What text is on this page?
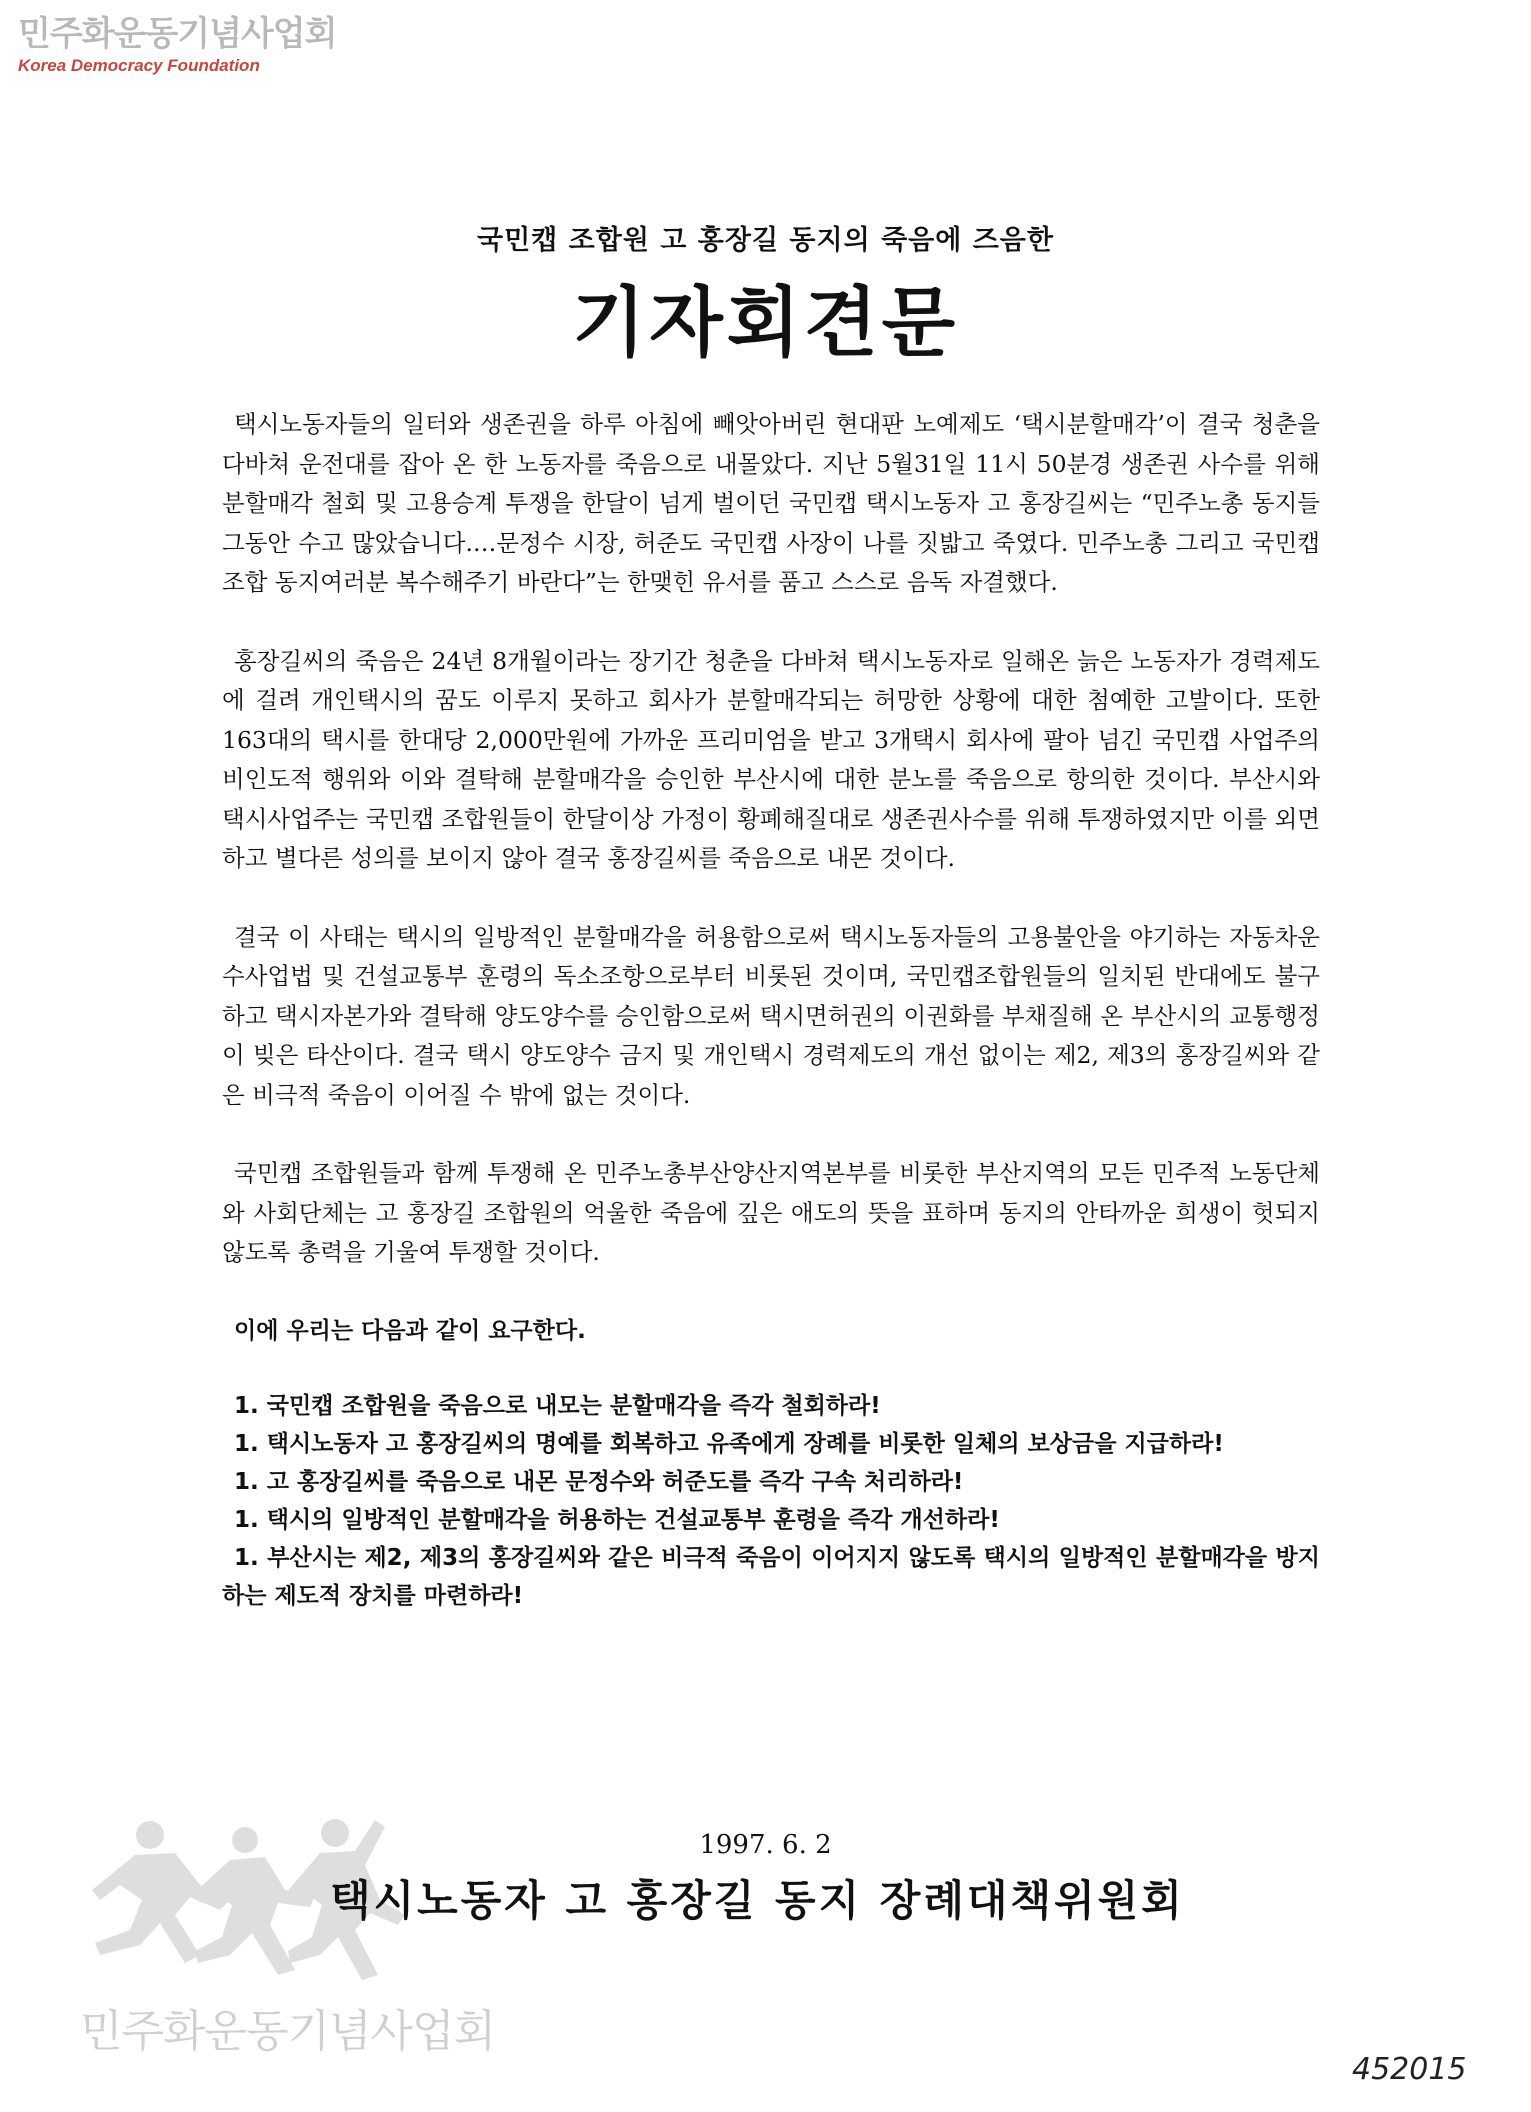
민주화운동기념사업회
Korea Democracy Foundation
국민캡 조합원 고 홍장길 동지의 죽음에 즈음한
기자회견문

택시노동자들의 일터와 생존권을 하루 아침에 빼앗아버린 현대판 노예제도 ‘택시분할매각’이 결국 청춘을 다바쳐 운전대를 잡아 온 한 노동자를 죽음으로 내몰았다. 지난 5월31일 11시 50분경 생존권 사수를 위해 분할매각 철회 및 고용승계 투쟁을 한달이 넘게 벌이던 국민캡 택시노동자 고 홍장길씨는 “민주노총 동지들 그동안 수고 많았습니다.…문정수 시장, 허준도 국민캡 사장이 나를 짓밟고 죽였다. 민주노총 그리고 국민캡 조합 동지여러분 복수해주기 바란다”는 한맺힌 유서를 품고 스스로 음독 자결했다.

홍장길씨의 죽음은 24년 8개월이라는 장기간 청춘을 다바쳐 택시노동자로 일해온 늙은 노동자가 경력제도에 걸려 개인택시의 꿈도 이루지 못하고 회사가 분할매각되는 허망한 상황에 대한 첨예한 고발이다. 또한 163대의 택시를 한대당 2,000만원에 가까운 프리미엄을 받고 3개택시 회사에 팔아 넘긴 국민캡 사업주의 비인도적 행위와 이와 결탁해 분할매각을 승인한 부산시에 대한 분노를 죽음으로 항의한 것이다. 부산시와 택시사업주는 국민캡 조합원들이 한달이상 가정이 황폐해질대로 생존권사수를 위해 투쟁하였지만 이를 외면하고 별다른 성의를 보이지 않아 결국 홍장길씨를 죽음으로 내몬 것이다.

결국 이 사태는 택시의 일방적인 분할매각을 허용함으로써 택시노동자들의 고용불안을 야기하는 자동차운수사업법 및 건설교통부 훈령의 독소조항으로부터 비롯된 것이며, 국민캡조합원들의 일치된 반대에도 불구하고 택시자본가와 결탁해 양도양수를 승인함으로써 택시면허권의 이권화를 부채질해 온 부산시의 교통행정이 빚은 타산이다. 결국 택시 양도양수 금지 및 개인택시 경력제도의 개선 없이는 제2, 제3의 홍장길씨와 같은 비극적 죽음이 이어질 수 밖에 없는 것이다.

국민캡 조합원들과 함께 투쟁해 온 민주노총부산양산지역본부를 비롯한 부산지역의 모든 민주적 노동단체와 사회단체는 고 홍장길 조합원의 억울한 죽음에 깊은 애도의 뜻을 표하며 동지의 안타까운 희생이 헛되지 않도록 총력을 기울여 투쟁할 것이다.

이에 우리는 다음과 같이 요구한다.

1. 국민캡 조합원을 죽음으로 내모는 분할매각을 즉각 철회하라!
1. 택시노동자 고 홍장길씨의 명예를 회복하고 유족에게 장례를 비롯한 일체의 보상금을 지급하라!
1. 고 홍장길씨를 죽음으로 내몬 문정수와 허준도를 즉각 구속 처리하라!
1. 택시의 일방적인 분할매각을 허용하는 건설교통부 훈령을 즉각 개선하라!
1. 부산시는 제2, 제3의 홍장길씨와 같은 비극적 죽음이 이어지지 않도록 택시의 일방적인 분할매각을 방지하는 제도적 장치를 마련하라!
1997. 6. 2
택시노동자 고 홍장길 동지 장례대책위원회
민주화운동기념사업회
452015
